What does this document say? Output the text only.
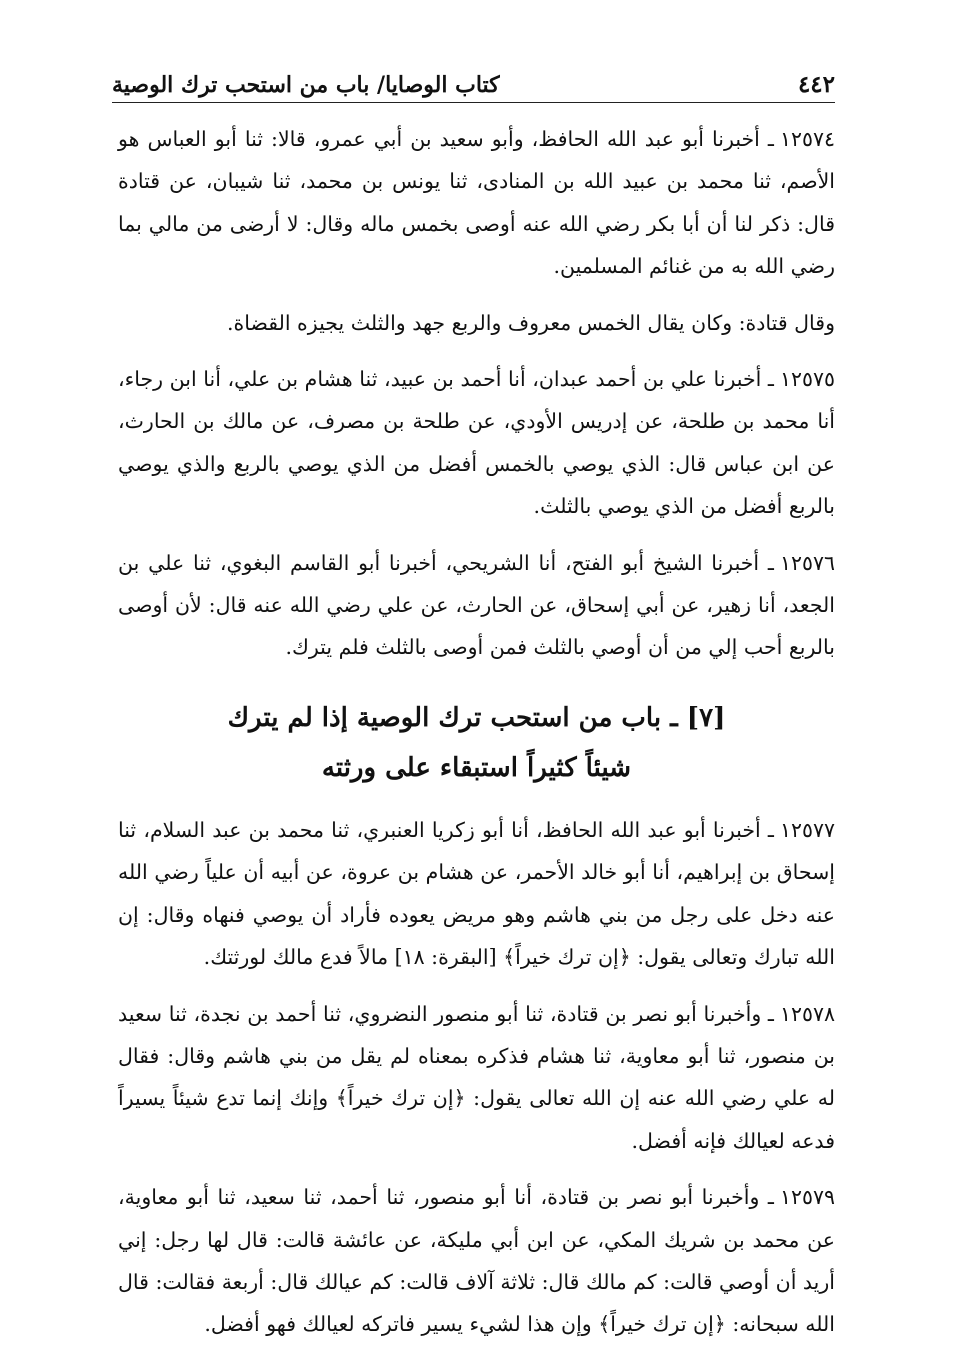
٤٤٢
كتاب الوصايا/ باب من استحب ترك الوصية

١٢٥٧٤ـ أخبرنا أبو عبد الله الحافظ، وأبو سعيد بن أبي عمرو، قالا: ثنا أبو العباس هو الأصم، ثنا محمد بن عبيد الله بن المنادى، ثنا يونس بن محمد، ثنا شيبان، عن قتادة قال: ذكر لنا أن أبا بكر رضي الله عنه أوصى بخمس ماله وقال: لا أرضى من مالي بما رضي الله به من غنائم المسلمين.

وقال قتادة: وكان يقال الخمس معروف والربع جهد والثلث يجيزه القضاة.

١٢٥٧٥ـ أخبرنا علي بن أحمد عبدان، أنا أحمد بن عبيد، ثنا هشام بن علي، أنا ابن رجاء، أنا محمد بن طلحة، عن إدريس الأودي، عن طلحة بن مصرف، عن مالك بن الحارث، عن ابن عباس قال: الذي يوصي بالخمس أفضل من الذي يوصي بالربع والذي يوصي بالربع أفضل من الذي يوصي بالثلث.

١٢٥٧٦ـ أخبرنا الشيخ أبو الفتح، أنا الشريحي، أخبرنا أبو القاسم البغوي، ثنا علي بن الجعد، أنا زهير، عن أبي إسحاق، عن الحارث، عن علي رضي الله عنه قال: لأن أوصى بالربع أحب إلي من أن أوصي بالثلث فمن أوصى بالثلث فلم يترك.

[٧] ـ باب من استحب ترك الوصية إذا لم يترك
شيئاً كثيراً استبقاء على ورثته

١٢٥٧٧ـ أخبرنا أبو عبد الله الحافظ، أنا أبو زكريا العنبري، ثنا محمد بن عبد السلام، ثنا إسحاق بن إبراهيم، أنا أبو خالد الأحمر، عن هشام بن عروة، عن أبيه أن علياً رضي الله عنه دخل على رجل من بني هاشم وهو مريض يعوده فأراد أن يوصي فنهاه وقال: إن الله تبارك وتعالى يقول: ﴿إن ترك خيراً﴾ [البقرة: ١٨] مالاً فدع مالك لورثتك.

١٢٥٧٨ـ وأخبرنا أبو نصر بن قتادة، ثنا أبو منصور النضروي، ثنا أحمد بن نجدة، ثنا سعيد بن منصور، ثنا أبو معاوية، ثنا هشام فذكره بمعناه لم يقل من بني هاشم وقال: فقال له علي رضي الله عنه إن الله تعالى يقول: ﴿إن ترك خيراً﴾ وإنك إنما تدع شيئاً يسيراً فدعه لعيالك فإنه أفضل.

١٢٥٧٩ـ وأخبرنا أبو نصر بن قتادة، أنا أبو منصور، ثنا أحمد، ثنا سعيد، ثنا أبو معاوية، عن محمد بن شريك المكي، عن ابن أبي مليكة، عن عائشة قالت: قال لها رجل: إني أريد أن أوصي قالت: كم مالك قال: ثلاثة آلاف قالت: كم عيالك قال: أربعة فقالت: قال الله سبحانه: ﴿إن ترك خيراً﴾ وإن هذا لشيء يسير فاتركه لعيالك فهو أفضل.
